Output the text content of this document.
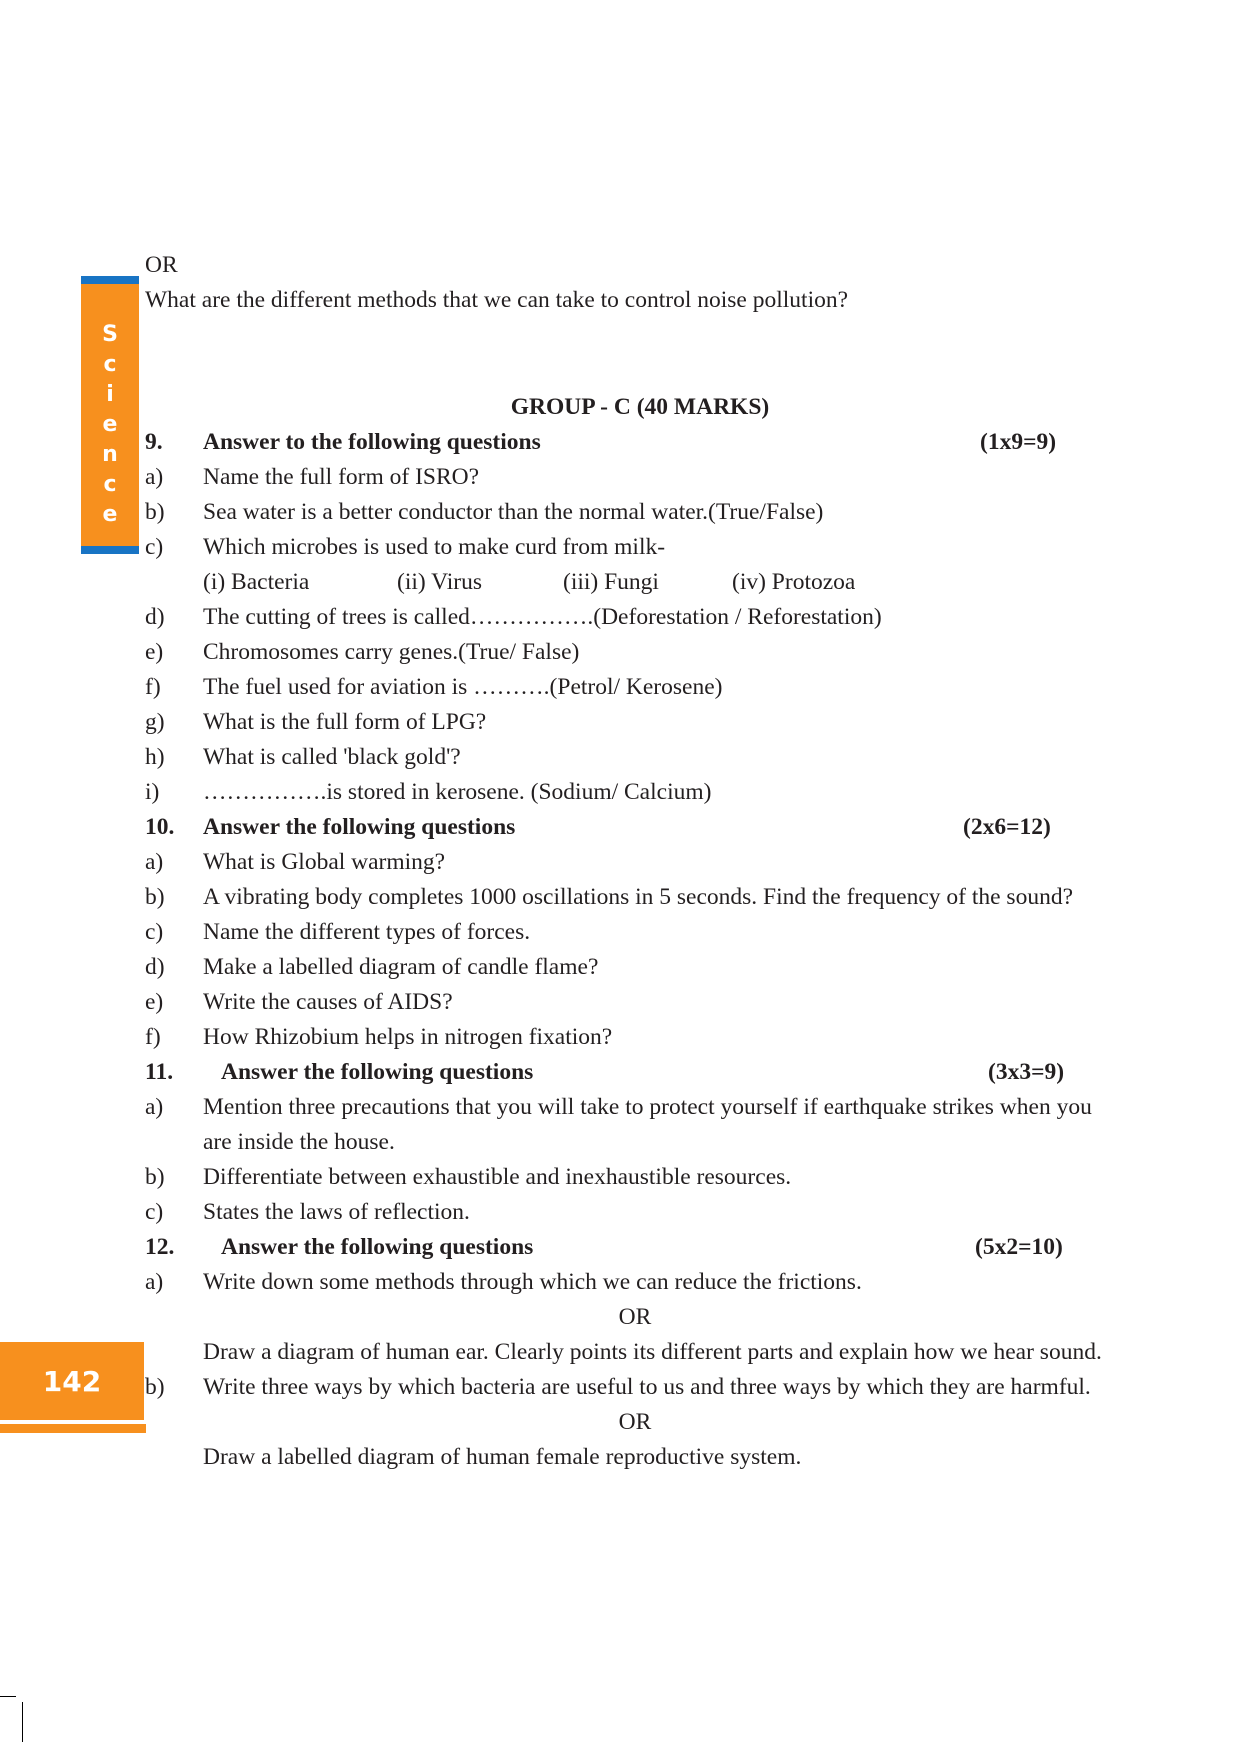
S
c
i
e
n
c
e
142
OR
What are the different methods that we can take to control noise pollution?
GROUP - C (40 MARKS)
9. Answer to the following questions	(1x9=9)
a) Name the full form of ISRO?
b) Sea water is a better conductor than the normal water.(True/False)
c) Which microbes is used to make curd from milk-
(i) Bacteria	(ii) Virus	(iii) Fungi	(iv) Protozoa
d) The cutting of trees is called…………….(Deforestation / Reforestation)
e) Chromosomes carry genes.(True/ False)
f) The fuel used for aviation is ……….(Petrol/ Kerosene)
g) What is the full form of LPG?
h) What is called 'black gold'?
i) …………….is stored in kerosene. (Sodium/ Calcium)
10. Answer the following questions	(2x6=12)
a) What is Global warming?
b) A vibrating body completes 1000 oscillations in 5 seconds. Find the frequency of the sound?
c) Name the different types of forces.
d) Make a labelled diagram of candle flame?
e) Write the causes of AIDS?
f) How Rhizobium helps in nitrogen fixation?
11. Answer the following questions	(3x3=9)
a) Mention three precautions that you will take to protect yourself if earthquake strikes when you
are inside the house.
b) Differentiate between exhaustible and inexhaustible resources.
c) States the laws of reflection.
12. Answer the following questions	(5x2=10)
a) Write down some methods through which we can reduce the frictions.
OR
Draw a diagram of human ear. Clearly points its different parts and explain how we hear sound.
b) Write three ways by which bacteria are useful to us and three ways by which they are harmful.
OR
Draw a labelled diagram of human female reproductive system.
